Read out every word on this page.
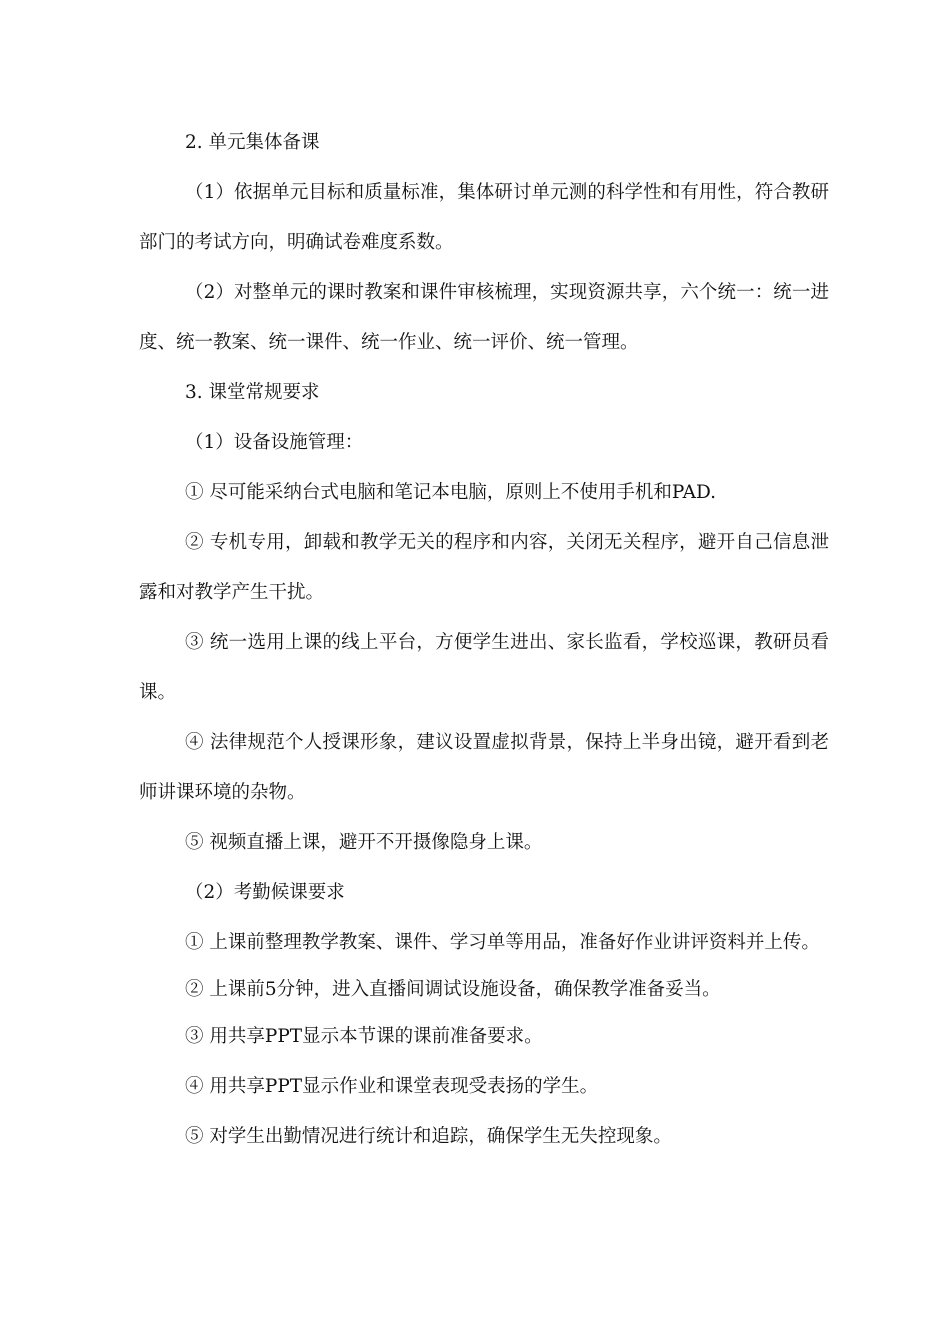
2. 单元集体备课

（1）依据单元目标和质量标准，集体研讨单元测的科学性和有用性，符合教研部门的考试方向，明确试卷难度系数。

（2）对整单元的课时教案和课件审核梳理，实现资源共享，六个统一：统一进度、统一教案、统一课件、统一作业、统一评价、统一管理。

3. 课堂常规要求

（1）设备设施管理：

① 尽可能采纳台式电脑和笔记本电脑，原则上不使用手机和PAD.

② 专机专用，卸载和教学无关的程序和内容，关闭无关程序，避开自己信息泄露和对教学产生干扰。

③ 统一选用上课的线上平台，方便学生进出、家长监看，学校巡课，教研员看课。

④ 法律规范个人授课形象，建议设置虚拟背景，保持上半身出镜，避开看到老师讲课环境的杂物。

⑤ 视频直播上课，避开不开摄像隐身上课。

（2）考勤候课要求

① 上课前整理教学教案、课件、学习单等用品，准备好作业讲评资料并上传。

② 上课前5分钟，进入直播间调试设施设备，确保教学准备妥当。

③ 用共享PPT显示本节课的课前准备要求。

④ 用共享PPT显示作业和课堂表现受表扬的学生。

⑤ 对学生出勤情况进行统计和追踪，确保学生无失控现象。
